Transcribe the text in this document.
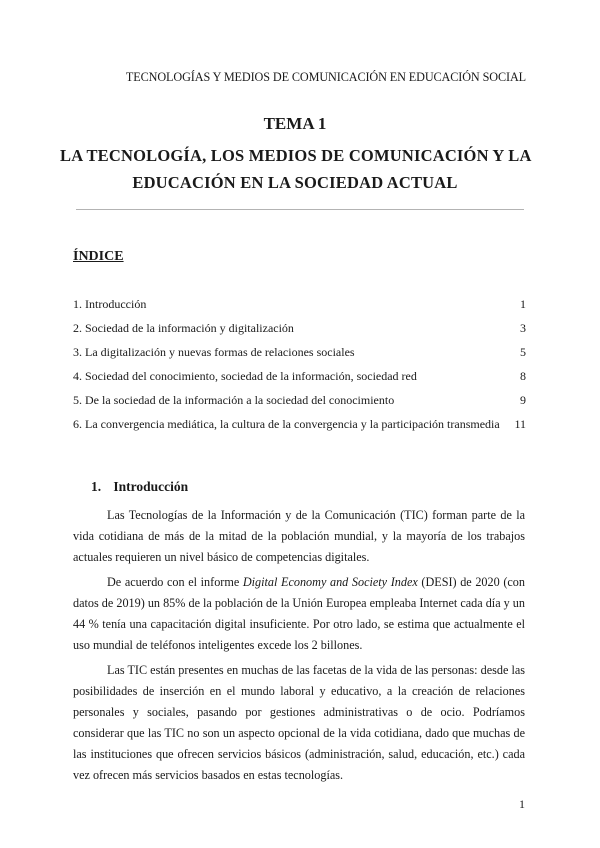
TECNOLOGÍAS Y MEDIOS DE COMUNICACIÓN EN EDUCACIÓN SOCIAL
TEMA 1
LA TECNOLOGÍA, LOS MEDIOS DE COMUNICACIÓN Y LA
EDUCACIÓN EN LA SOCIEDAD ACTUAL
ÍNDICE
1. Introducción	1
2. Sociedad de la información y digitalización	3
3. La digitalización y nuevas formas de relaciones sociales	5
4. Sociedad del conocimiento, sociedad de la información, sociedad red	8
5. De la sociedad de la información a la sociedad del conocimiento	9
6. La convergencia mediática, la cultura de la convergencia y la participación transmedia 11
1. Introducción

Las Tecnologías de la Información y de la Comunicación (TIC) forman parte de la vida cotidiana de más de la mitad de la población mundial, y la mayoría de los trabajos actuales requieren un nivel básico de competencias digitales.

De acuerdo con el informe Digital Economy and Society Index (DESI) de 2020 (con datos de 2019) un 85% de la población de la Unión Europea empleaba Internet cada día y un 44 % tenía una capacitación digital insuficiente. Por otro lado, se estima que actualmente el uso mundial de teléfonos inteligentes excede los 2 billones.

Las TIC están presentes en muchas de las facetas de la vida de las personas: desde las posibilidades de inserción en el mundo laboral y educativo, a la creación de relaciones personales y sociales, pasando por gestiones administrativas o de ocio. Podríamos considerar que las TIC no son un aspecto opcional de la vida cotidiana, dado que muchas de las instituciones que ofrecen servicios básicos (administración, salud, educación, etc.) cada vez ofrecen más servicios basados en estas tecnologías.

1
